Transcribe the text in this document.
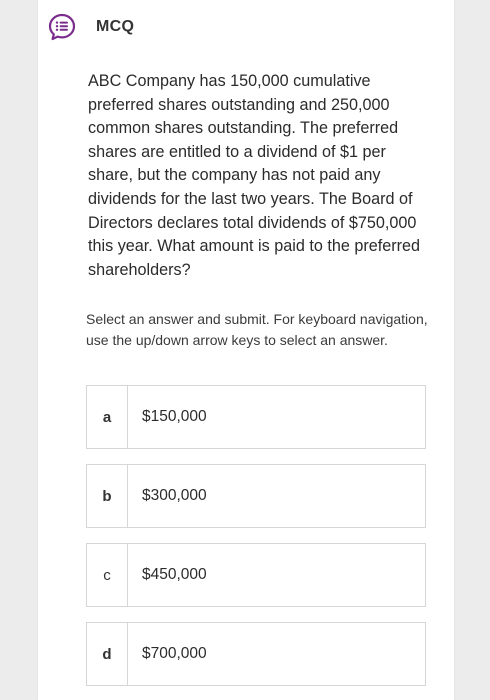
MCQ
ABC Company has 150,000 cumulative preferred shares outstanding and 250,000 common shares outstanding. The preferred shares are entitled to a dividend of $1 per share, but the company has not paid any dividends for the last two years. The Board of Directors declares total dividends of $750,000 this year. What amount is paid to the preferred shareholders?
Select an answer and submit. For keyboard navigation, use the up/down arrow keys to select an answer.
a	$150,000
b	$300,000
c	$450,000
d	$700,000
